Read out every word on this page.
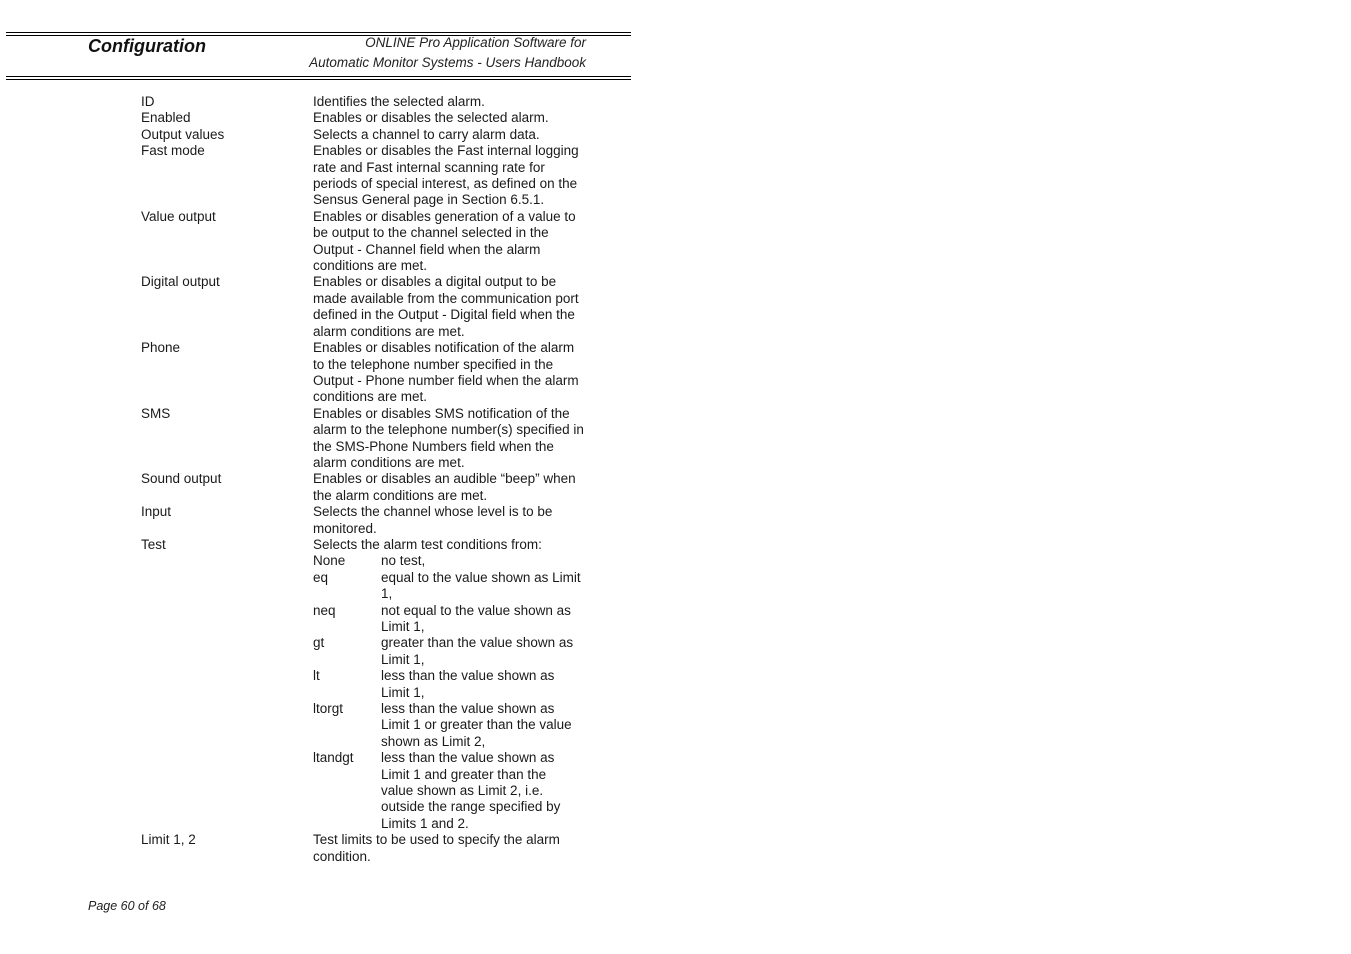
Configuration	ONLINE Pro Application Software for
Automatic Monitor Systems - Users Handbook
ID	Identifies the selected alarm.
Enabled	Enables or disables the selected alarm.
Output values	Selects a channel to carry alarm data.
Fast mode	Enables or disables the Fast internal logging rate and Fast internal scanning rate for periods of special interest, as defined on the Sensus General page in Section 6.5.1.
Value output	Enables or disables generation of a value to be output to the channel selected in the Output - Channel field when the alarm conditions are met.
Digital output	Enables or disables a digital output to be made available from the communication port defined in the Output - Digital field when the alarm conditions are met.
Phone	Enables or disables notification of the alarm to the telephone number specified in the Output - Phone number field when the alarm conditions are met.
SMS	Enables or disables SMS notification of the alarm to the telephone number(s) specified in the SMS-Phone Numbers field when the alarm conditions are met.
Sound output	Enables or disables an audible “beep” when the alarm conditions are met.
Input	Selects the channel whose level is to be monitored.
Test	Selects the alarm test conditions from:
None	no test,
eq	equal to the value shown as Limit 1,
neq	not equal to the value shown as Limit 1,
gt	greater than the value shown as Limit 1,
lt	less than the value shown as Limit 1,
ltorgt	less than the value shown as Limit 1 or greater than the value shown as Limit 2,
ltandgt	less than the value shown as Limit 1 and greater than the value shown as Limit 2, i.e. outside the range specified by Limits 1 and 2.
Limit 1, 2	Test limits to be used to specify the alarm condition.
Page 60 of 68
